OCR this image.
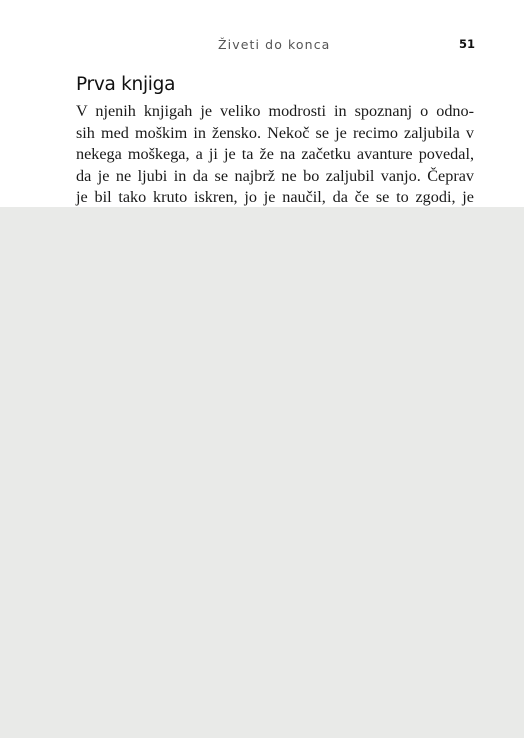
Živeti do konca	51
Prva knjiga
V njenih knjigah je veliko modrosti in spoznanj o odno-
sih med moškim in žensko. Nekoč se je recimo zaljubila v
nekega moškega, a ji je ta že na začetku avanture povedal,
da je ne ljubi in da se najbrž ne bo zaljubil vanjo. Čeprav
je bil tako kruto iskren, jo je naučil, da če se to zgodi, je
